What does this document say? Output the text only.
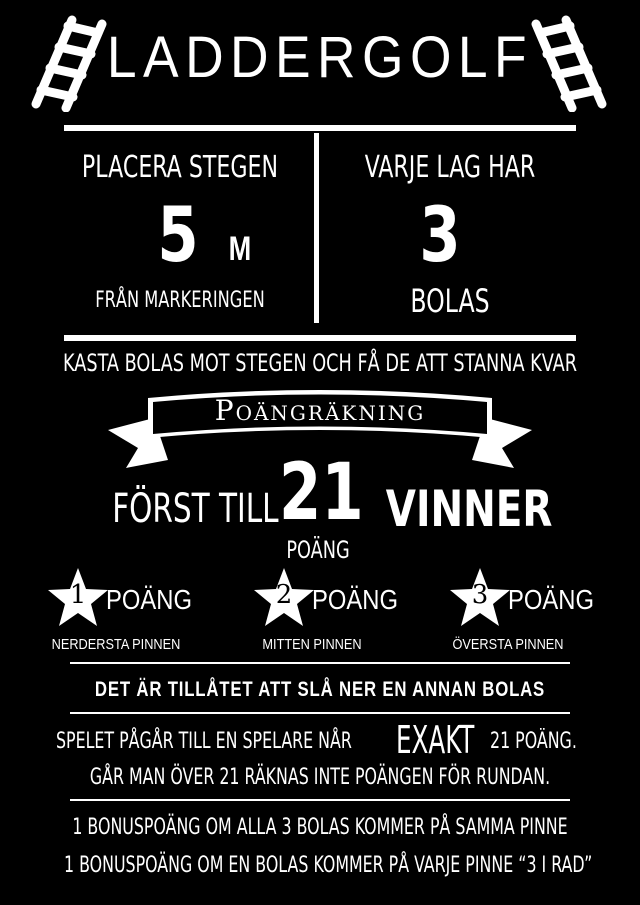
LADDERGOLF
PLACERA STEGEN
5 M
FRÅN MARKERINGEN
VARJE LAG HAR
3
BOLAS
KASTA BOLAS MOT STEGEN OCH FÅ DE ATT STANNA KVAR
Poängräkning
FÖRST TILL 21
POÄNG
VINNER
1 POÄNG
NERDERSTA PINNEN
2 POÄNG
MITTEN PINNEN
3 POÄNG
ÖVERSTA PINNEN
DET ÄR TILLÅTET ATT SLÅ NER EN ANNAN BOLAS
SPELET PÅGÅR TILL EN SPELARE NÅR EXAKT 21 POÄNG.
GÅR MAN ÖVER 21 RÄKNAS INTE POÄNGEN FÖR RUNDAN.
1 BONUSPOÄNG OM ALLA 3 BOLAS KOMMER PÅ SAMMA PINNE
1 BONUSPOÄNG OM EN BOLAS KOMMER PÅ VARJE PINNE “3 I RAD”
